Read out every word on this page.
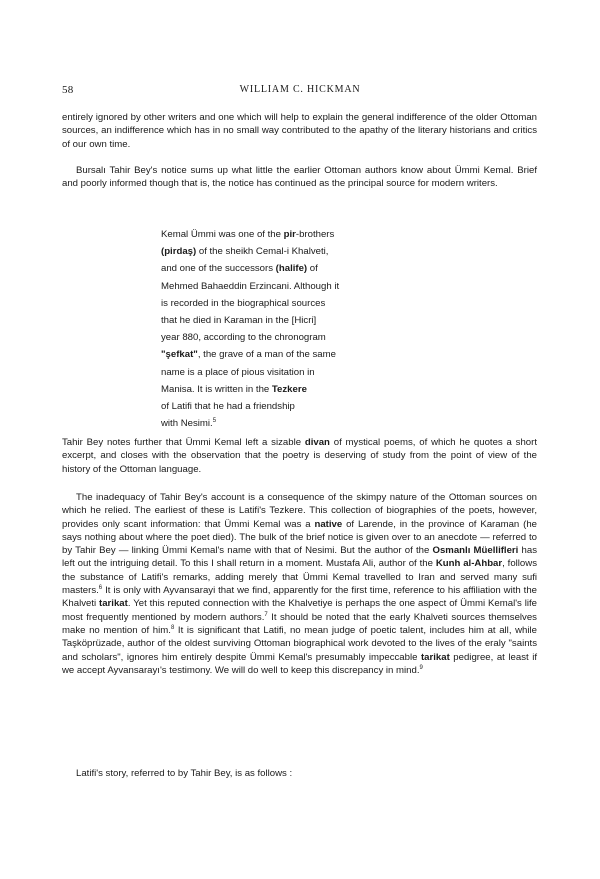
58	WILLIAM C. HICKMAN

entirely ignored by other writers and one which will help to explain the general indifference of the older Ottoman sources, an indifference which has in no small way contributed to the apathy of the literary historians and critics of our own time.

Bursalı Tahir Bey's notice sums up what little the earlier Ottoman authors know about Ümmi Kemal. Brief and poorly informed though that is, the notice has continued as the principal source for modern writers.

Kemal Ümmi was one of the pir-brothers
(pirdaş) of the sheikh Cemal-i Khalveti,
and one of the successors (halife) of
Mehmed Bahaeddin Erzincani. Although it
is recorded in the biographical sources
that he died in Karaman in the [Hicri]
year 880, according to the chronogram
"şefkat", the grave of a man of the same
name is a place of pious visitation in
Manisa. It is written in the Tezkere
of Latifi that he had a friendship
with Nesimi.$^5$

Tahir Bey notes further that Ümmi Kemal left a sizable divan of mystical poems, of which he quotes a short excerpt, and closes with the observation that the poetry is deserving of study from the point of view of the history of the Ottoman language.

The inadequacy of Tahir Bey's account is a consequence of the skimpy nature of the Ottoman sources on which he relied. The earliest of these is Latifi's Tezkere. This collection of biographies of the poets, however, provides only scant information: that Ümmi Kemal was a native of Larende, in the province of Karaman (he says nothing about where the poet died). The bulk of the brief notice is given over to an anecdote — referred to by Tahir Bey — linking Ümmi Kemal's name with that of Nesimi. But the author of the Osmanlı Müellifleri has left out the intriguing detail. To this I shall return in a moment. Mustafa Ali, author of the Kunh al-Ahbar, follows the substance of Latifi's remarks, adding merely that Ümmi Kemal travelled to Iran and served many sufi masters.$^6$ It is only with Ayvansarayi that we find, apparently for the first time, reference to his affiliation with the Khalveti tarikat. Yet this reputed connection with the Khalvetiye is perhaps the one aspect of Ümmi Kemal's life most frequently mentioned by modern authors.$^7$ It should be noted that the early Khalveti sources themselves make no mention of him.$^8$ It is significant that Latifi, no mean judge of poetic talent, includes him at all, while Taşköprüzade, author of the oldest surviving Ottoman biographical work devoted to the lives of the eraly "saints and scholars", ignores him entirely despite Ümmi Kemal's presumably impeccable tarikat pedigree, at least if we accept Ayvansarayı's testimony. We will do well to keep this discrepancy in mind.$^9$

Latifi's story, referred to by Tahir Bey, is as follows :
